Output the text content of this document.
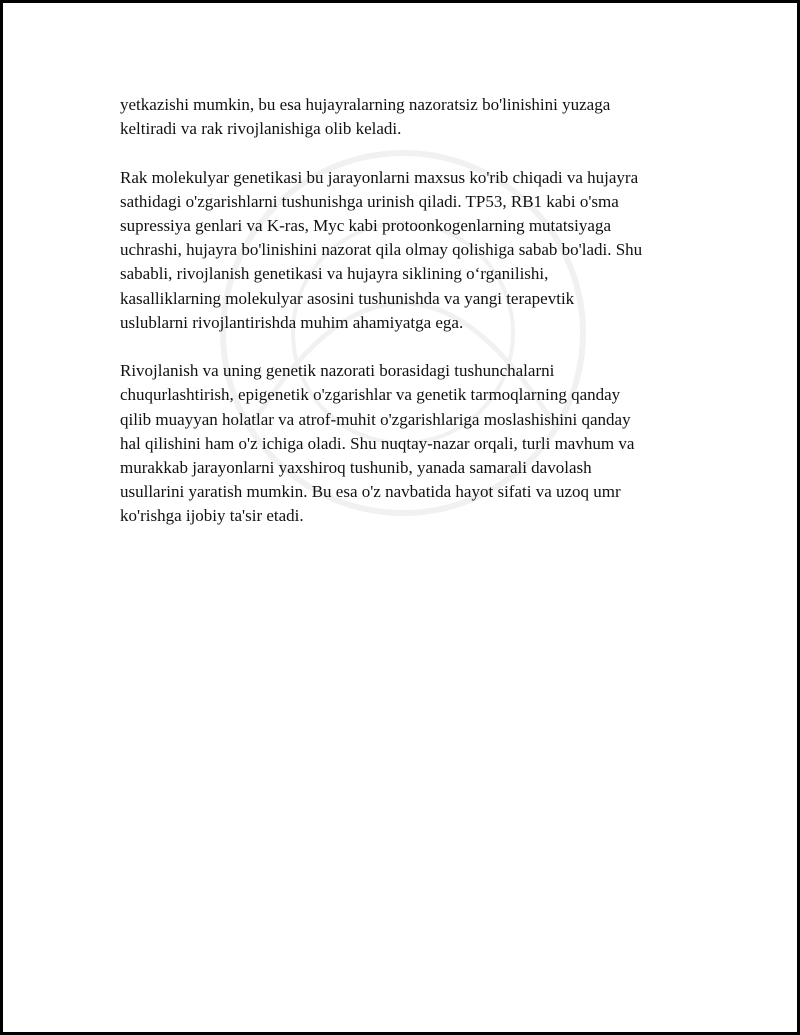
yetkazishi mumkin, bu esa hujayralarning nazoratsiz bo'linishini yuzaga
keltiradi va rak rivojlanishiga olib keladi.

Rak molekulyar genetikasi bu jarayonlarni maxsus ko'rib chiqadi va hujayra
sathidagi o'zgarishlarni tushunishga urinish qiladi. TP53, RB1 kabi o'sma
supressiya genlari va K-ras, Myc kabi protoonkogenlarning mutatsiyaga
uchrashi, hujayra bo'linishini nazorat qila olmay qolishiga sabab bo'ladi. Shu
sababli, rivojlanish genetikasi va hujayra siklining o‘rganilishi,
kasalliklarning molekulyar asosini tushunishda va yangi terapevtik
uslublarni rivojlantirishda muhim ahamiyatga ega.

Rivojlanish va uning genetik nazorati borasidagi tushunchalarni
chuqurlashtirish, epigenetik o'zgarishlar va genetik tarmoqlarning qanday
qilib muayyan holatlar va atrof-muhit o'zgarishlariga moslashishini qanday
hal qilishini ham o'z ichiga oladi. Shu nuqtay-nazar orqali, turli mavhum va
murakkab jarayonlarni yaxshiroq tushunib, yanada samarali davolash
usullarini yaratish mumkin. Bu esa o'z navbatida hayot sifati va uzoq umr
ko'rishga ijobiy ta'sir etadi.
